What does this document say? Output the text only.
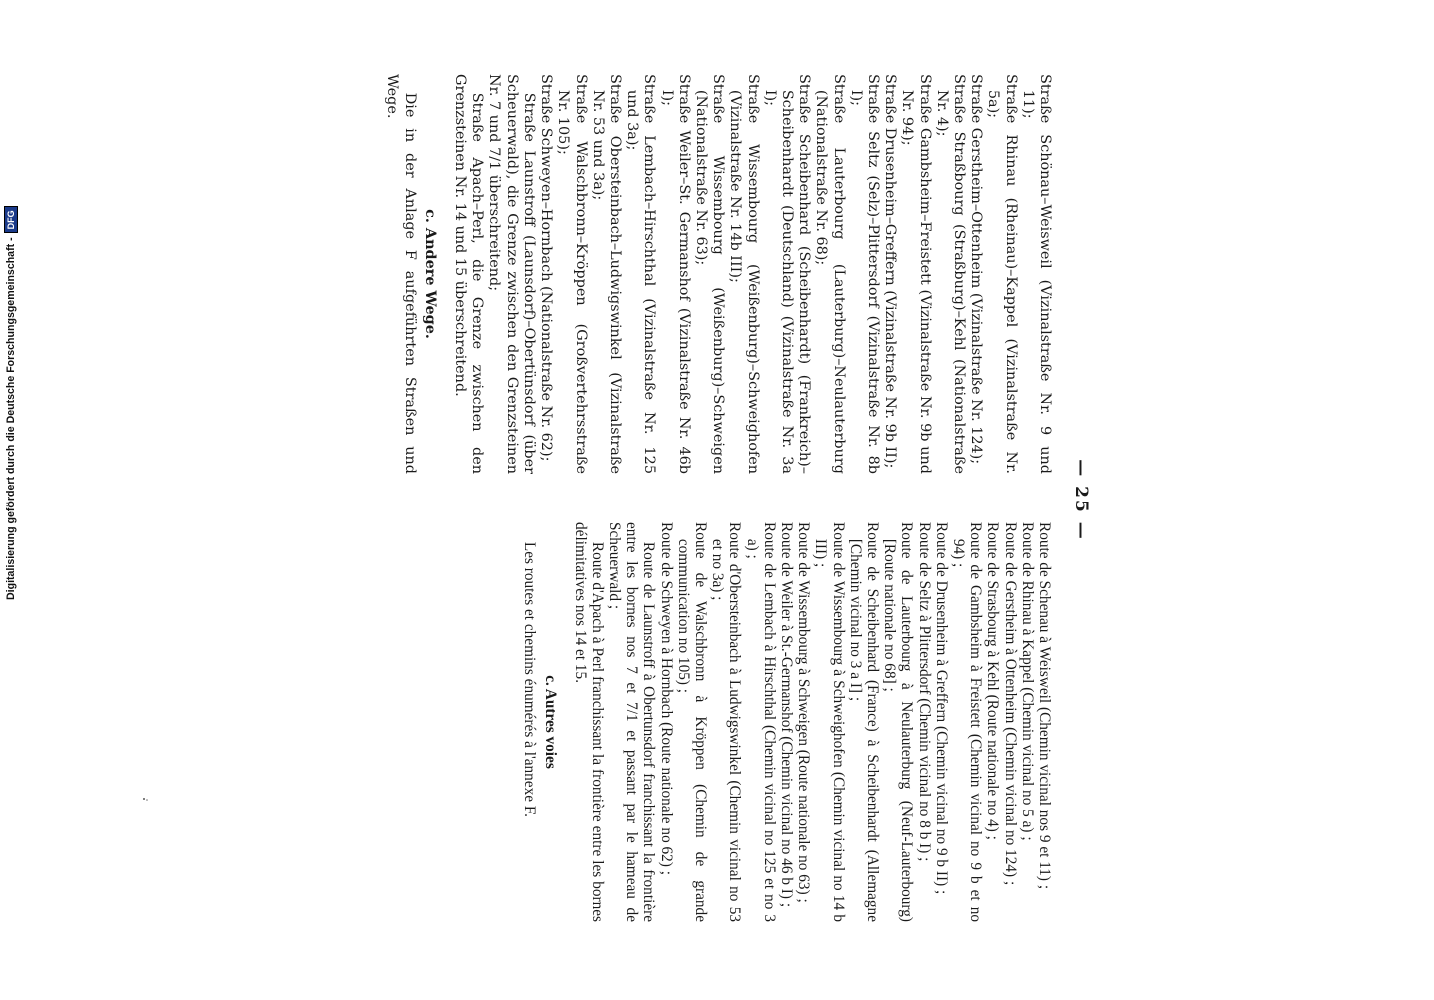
— 25 —

Straße Schönau–Weisweil (Vizinalstraße Nr. 9 und 11);

Straße Rhinau (Rheinau)–Kappel (Vizinalstraße Nr. 5a);

Straße Gerstheim–Ottenheim (Vizinalstraße Nr. 124);

Straße Straßbourg (Straßburg)–Kehl (Nationalstraße Nr. 4);

Straße Gambsheim–Freistett (Vizinalstraße Nr. 9b und Nr. 94);

Straße Drusenheim–Greffern (Vizinalstraße Nr. 9b II);

Straße Seltz (Selz)–Plittersdorf (Vizinalstraße Nr. 8b I);

Straße Lauterbourg (Lauterburg)–Neulauterburg (Nationalstraße Nr. 68);

Straße Scheibenhard (Scheibenhardt) (Frankreich)–Scheibenhardt (Deutschland) (Vizinalstraße Nr. 3a I);

Straße Wissembourg (Weißenburg)–Schweighofen (Vizinalstraße Nr. 14b III);

Straße Wissembourg (Weißenburg)–Schweigen (Nationalstraße Nr. 63);

Straße Weiler–St. Germanshof (Vizinalstraße Nr. 46b I);

Straße Lembach–Hirschthal (Vizinalstraße Nr. 125 und 3a);

Straße Obersteinbach–Ludwigswinkel (Vizinalstraße Nr. 53 und 3a);

Straße Walschbronn–Kröppen (Großvertehrsstraße Nr. 105);

Straße Schweyen–Hornbach (Nationalstraße Nr. 62);

Straße Launstroff (Launsdorf)–Obertünsdorf (über Scheuerwald), die Grenze zwischen den Grenzsteinen Nr. 7 und 7/1 überschreitend;

Straße Apach–Perl, die Grenze zwischen den Grenzsteinen Nr. 14 und 15 überschreitend.

c. Andere Wege.

Die in der Anlage F aufgeführten Straßen und Wege.

Route de Schenau à Weisweil (Chemin vicinal nos 9 et 11) ;

Route de Rhinau à Kappel (Chemin vicinal no 5 a) ;

Route de Gerstheim à Ottenheim (Chemin vicinal no 124) ;

Route de Strasbourg à Kehl (Route nationale no 4) ;

Route de Gambsheim à Freistett (Chemin vicinal no 9 b et no 94) ;

Route de Drusenheim à Greffern (Chemin vicinal no 9 b II) ;

Route de Seltz à Plittersdorf (Chemin vicinal no 8 b I) ;

Route de Lauterbourg à Neulauterburg (Neuf-Lauterbourg) [Route nationale no 68] ;

Route de Scheibenhard (France) à Scheibenhardt (Allemagne [Chemin vicinal no 3 a I] ;

Route de Wissembourg à Schweighofen (Chemin vicinal no 14 b III) ;

Route de Wissembourg à Schweigen (Route nationale no 63) ;

Route de Weiler à St.-Germanshof (Chemin vicinal no 46 b I) ;

Route de Lembach à Hirschthal (Chemin vicinal no 125 et no 3 a) ;

Route d'Obersteinbach à Ludwigswinkel (Chemin vicinal no 53 et no 3a) ;

Route de Walschbronn à Kröppen (Chemin de grande communication no 105) ;

Route de Schweyen à Hornbach (Route nationale no 62) ;

Route de Launstroff à Obertunsdorf franchissant la frontière entre les bornes nos 7 et 7/1 et passant par le hameau de Scheuerwald ;

Route d'Apach à Perl franchissant la frontière entre les bornes délimitatives nos 14 et 15.

c. Autres voies

Les routes et chemins énumérés à l'annexe F.

Digitalisierung gefördert durch die Deutsche Forschungsgemeinschaft -DFG
